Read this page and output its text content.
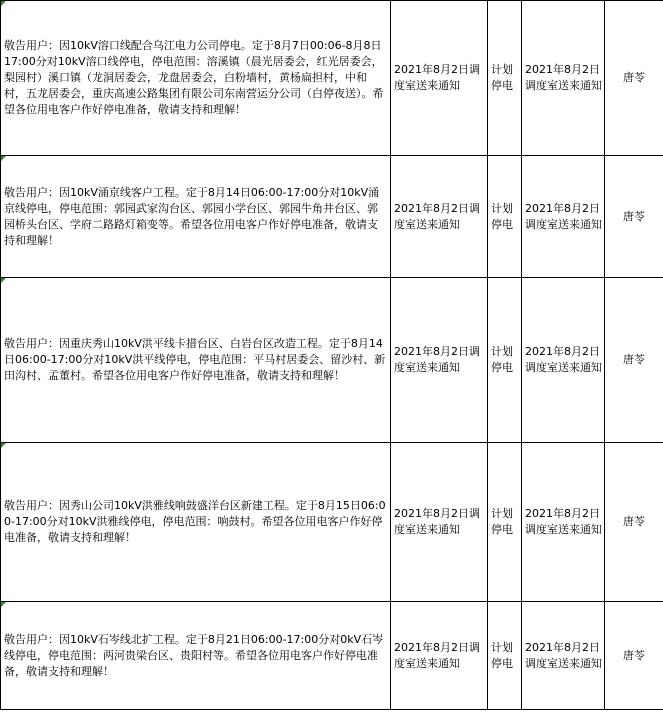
敬告用户：因10kV溶口线配合乌江电力公司停电。定于8月7日00:06-8月8日17:00分对10kV溶口线停电，停电范围：溶溪镇（晨光居委会，红光居委会，梨园村）溪口镇（龙洞居委会，龙盘居委会，白粉墙村，黄杨扁担村，中和村，五龙居委会，重庆高速公路集团有限公司东南营运分公司（白停夜送）。希望各位用电客户作好停电准备，敬请支持和理解！	2021年8月2日调度室送来通知	计划停电	2021年8月2日调度室送来通知	唐苓

敬告用户：因10kV涌京线客户工程。定于8月14日06:00-17:00分对10kV涌京线停电，停电范围：郭园武家沟台区、郭园小学台区、郭园牛角井台区、郭园桥头台区、学府二路路灯箱变等。希望各位用电客户作好停电准备，敬请支持和理解！	2021年8月2日调度室送来通知	计划停电	2021年8月2日调度室送来通知	唐苓

敬告用户：因重庆秀山10kV洪平线卡措台区、白岩台区改造工程。定于8月14日06:00-17:00分对10kV洪平线停电，停电范围：平马村居委会、留沙村、新田沟村、孟董村。希望各位用电客户作好停电准备，敬请支持和理解！	2021年8月2日调度室送来通知	计划停电	2021年8月2日调度室送来通知	唐苓

敬告用户：因秀山公司10kV洪雅线响鼓盛洋台区新建工程。定于8月15日06:00-17:00分对10kV洪雅线停电，停电范围：响鼓村。希望各位用电客户作好停电准备，敬请支持和理解！	2021年8月2日调度室送来通知	计划停电	2021年8月2日调度室送来通知	唐苓

敬告用户：因10kV石岑线北扩工程。定于8月21日06:00-17:00分对0kV石岑线停电，停电范围：两河贵梁台区、贵阳村等。希望各位用电客户作好停电准备，敬请支持和理解！	2021年8月2日调度室送来通知	计划停电	2021年8月2日调度室送来通知	唐苓
